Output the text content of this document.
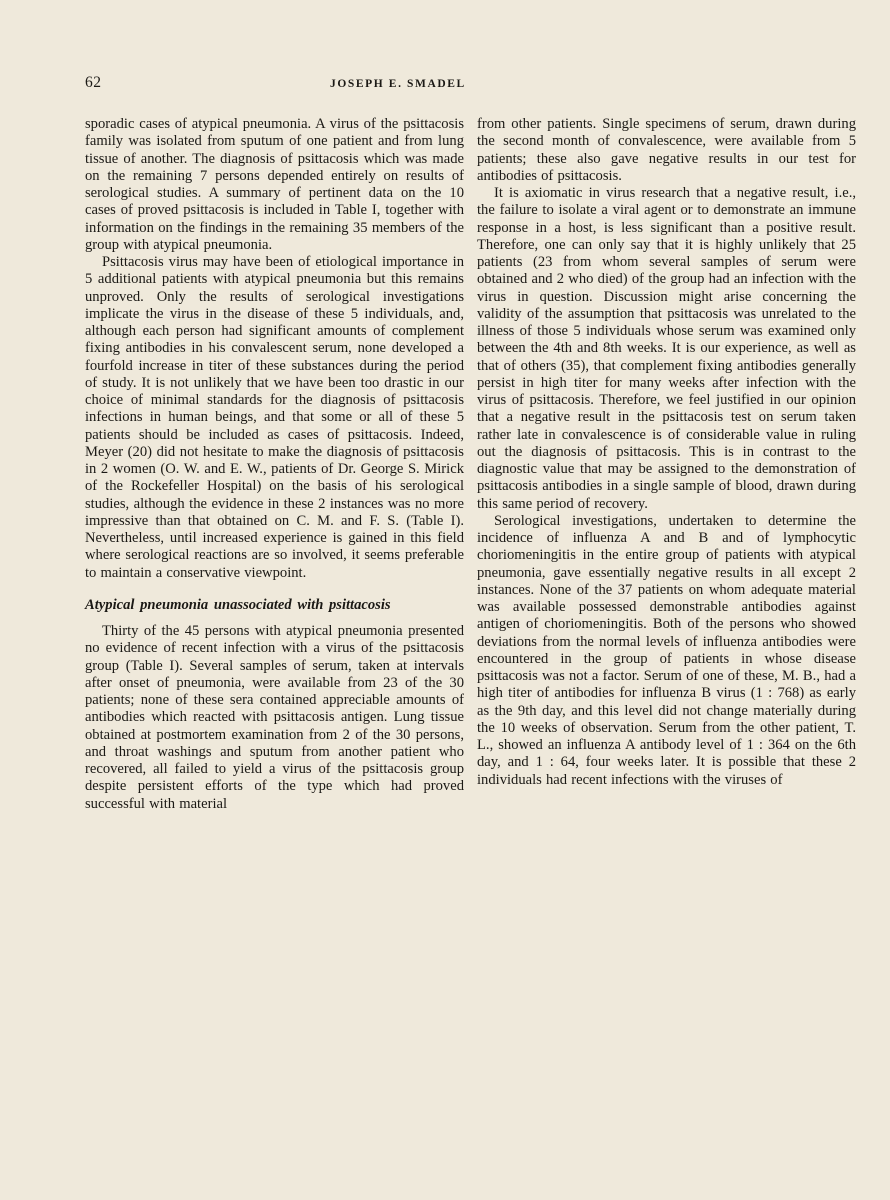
62	JOSEPH E. SMADEL

sporadic cases of atypical pneumonia. A virus of the psittacosis family was isolated from sputum of one patient and from lung tissue of another. The diagnosis of psittacosis which was made on the remaining 7 persons depended entirely on results of serological studies. A summary of pertinent data on the 10 cases of proved psittacosis is included in Table I, together with information on the findings in the remaining 35 members of the group with atypical pneumonia.

Psittacosis virus may have been of etiological importance in 5 additional patients with atypical pneumonia but this remains unproved. Only the results of serological investigations implicate the virus in the disease of these 5 individuals, and, although each person had significant amounts of complement fixing antibodies in his convalescent serum, none developed a fourfold increase in titer of these substances during the period of study. It is not unlikely that we have been too drastic in our choice of minimal standards for the diagnosis of psittacosis infections in human beings, and that some or all of these 5 patients should be included as cases of psittacosis. Indeed, Meyer (20) did not hesitate to make the diagnosis of psittacosis in 2 women (O. W. and E. W., patients of Dr. George S. Mirick of the Rockefeller Hospital) on the basis of his serological studies, although the evidence in these 2 instances was no more impressive than that obtained on C. M. and F. S. (Table I). Nevertheless, until increased experience is gained in this field where serological reactions are so involved, it seems preferable to maintain a conservative viewpoint.

Atypical pneumonia unassociated with psittacosis

Thirty of the 45 persons with atypical pneumonia presented no evidence of recent infection with a virus of the psittacosis group (Table I). Several samples of serum, taken at intervals after onset of pneumonia, were available from 23 of the 30 patients; none of these sera contained appreciable amounts of antibodies which reacted with psittacosis antigen. Lung tissue obtained at postmortem examination from 2 of the 30 persons, and throat washings and sputum from another patient who recovered, all failed to yield a virus of the psittacosis group despite persistent efforts of the type which had proved successful with material

from other patients. Single specimens of serum, drawn during the second month of convalescence, were available from 5 patients; these also gave negative results in our test for antibodies of psittacosis.

It is axiomatic in virus research that a negative result, i.e., the failure to isolate a viral agent or to demonstrate an immune response in a host, is less significant than a positive result. Therefore, one can only say that it is highly unlikely that 25 patients (23 from whom several samples of serum were obtained and 2 who died) of the group had an infection with the virus in question. Discussion might arise concerning the validity of the assumption that psittacosis was unrelated to the illness of those 5 individuals whose serum was examined only between the 4th and 8th weeks. It is our experience, as well as that of others (35), that complement fixing antibodies generally persist in high titer for many weeks after infection with the virus of psittacosis. Therefore, we feel justified in our opinion that a negative result in the psittacosis test on serum taken rather late in convalescence is of considerable value in ruling out the diagnosis of psittacosis. This is in contrast to the diagnostic value that may be assigned to the demonstration of psittacosis antibodies in a single sample of blood, drawn during this same period of recovery.

Serological investigations, undertaken to determine the incidence of influenza A and B and of lymphocytic choriomeningitis in the entire group of patients with atypical pneumonia, gave essentially negative results in all except 2 instances. None of the 37 patients on whom adequate material was available possessed demonstrable antibodies against antigen of choriomeningitis. Both of the persons who showed deviations from the normal levels of influenza antibodies were encountered in the group of patients in whose disease psittacosis was not a factor. Serum of one of these, M. B., had a high titer of antibodies for influenza B virus (1 : 768) as early as the 9th day, and this level did not change materially during the 10 weeks of observation. Serum from the other patient, T. L., showed an influenza A antibody level of 1 : 364 on the 6th day, and 1 : 64, four weeks later. It is possible that these 2 individuals had recent infections with the viruses of
